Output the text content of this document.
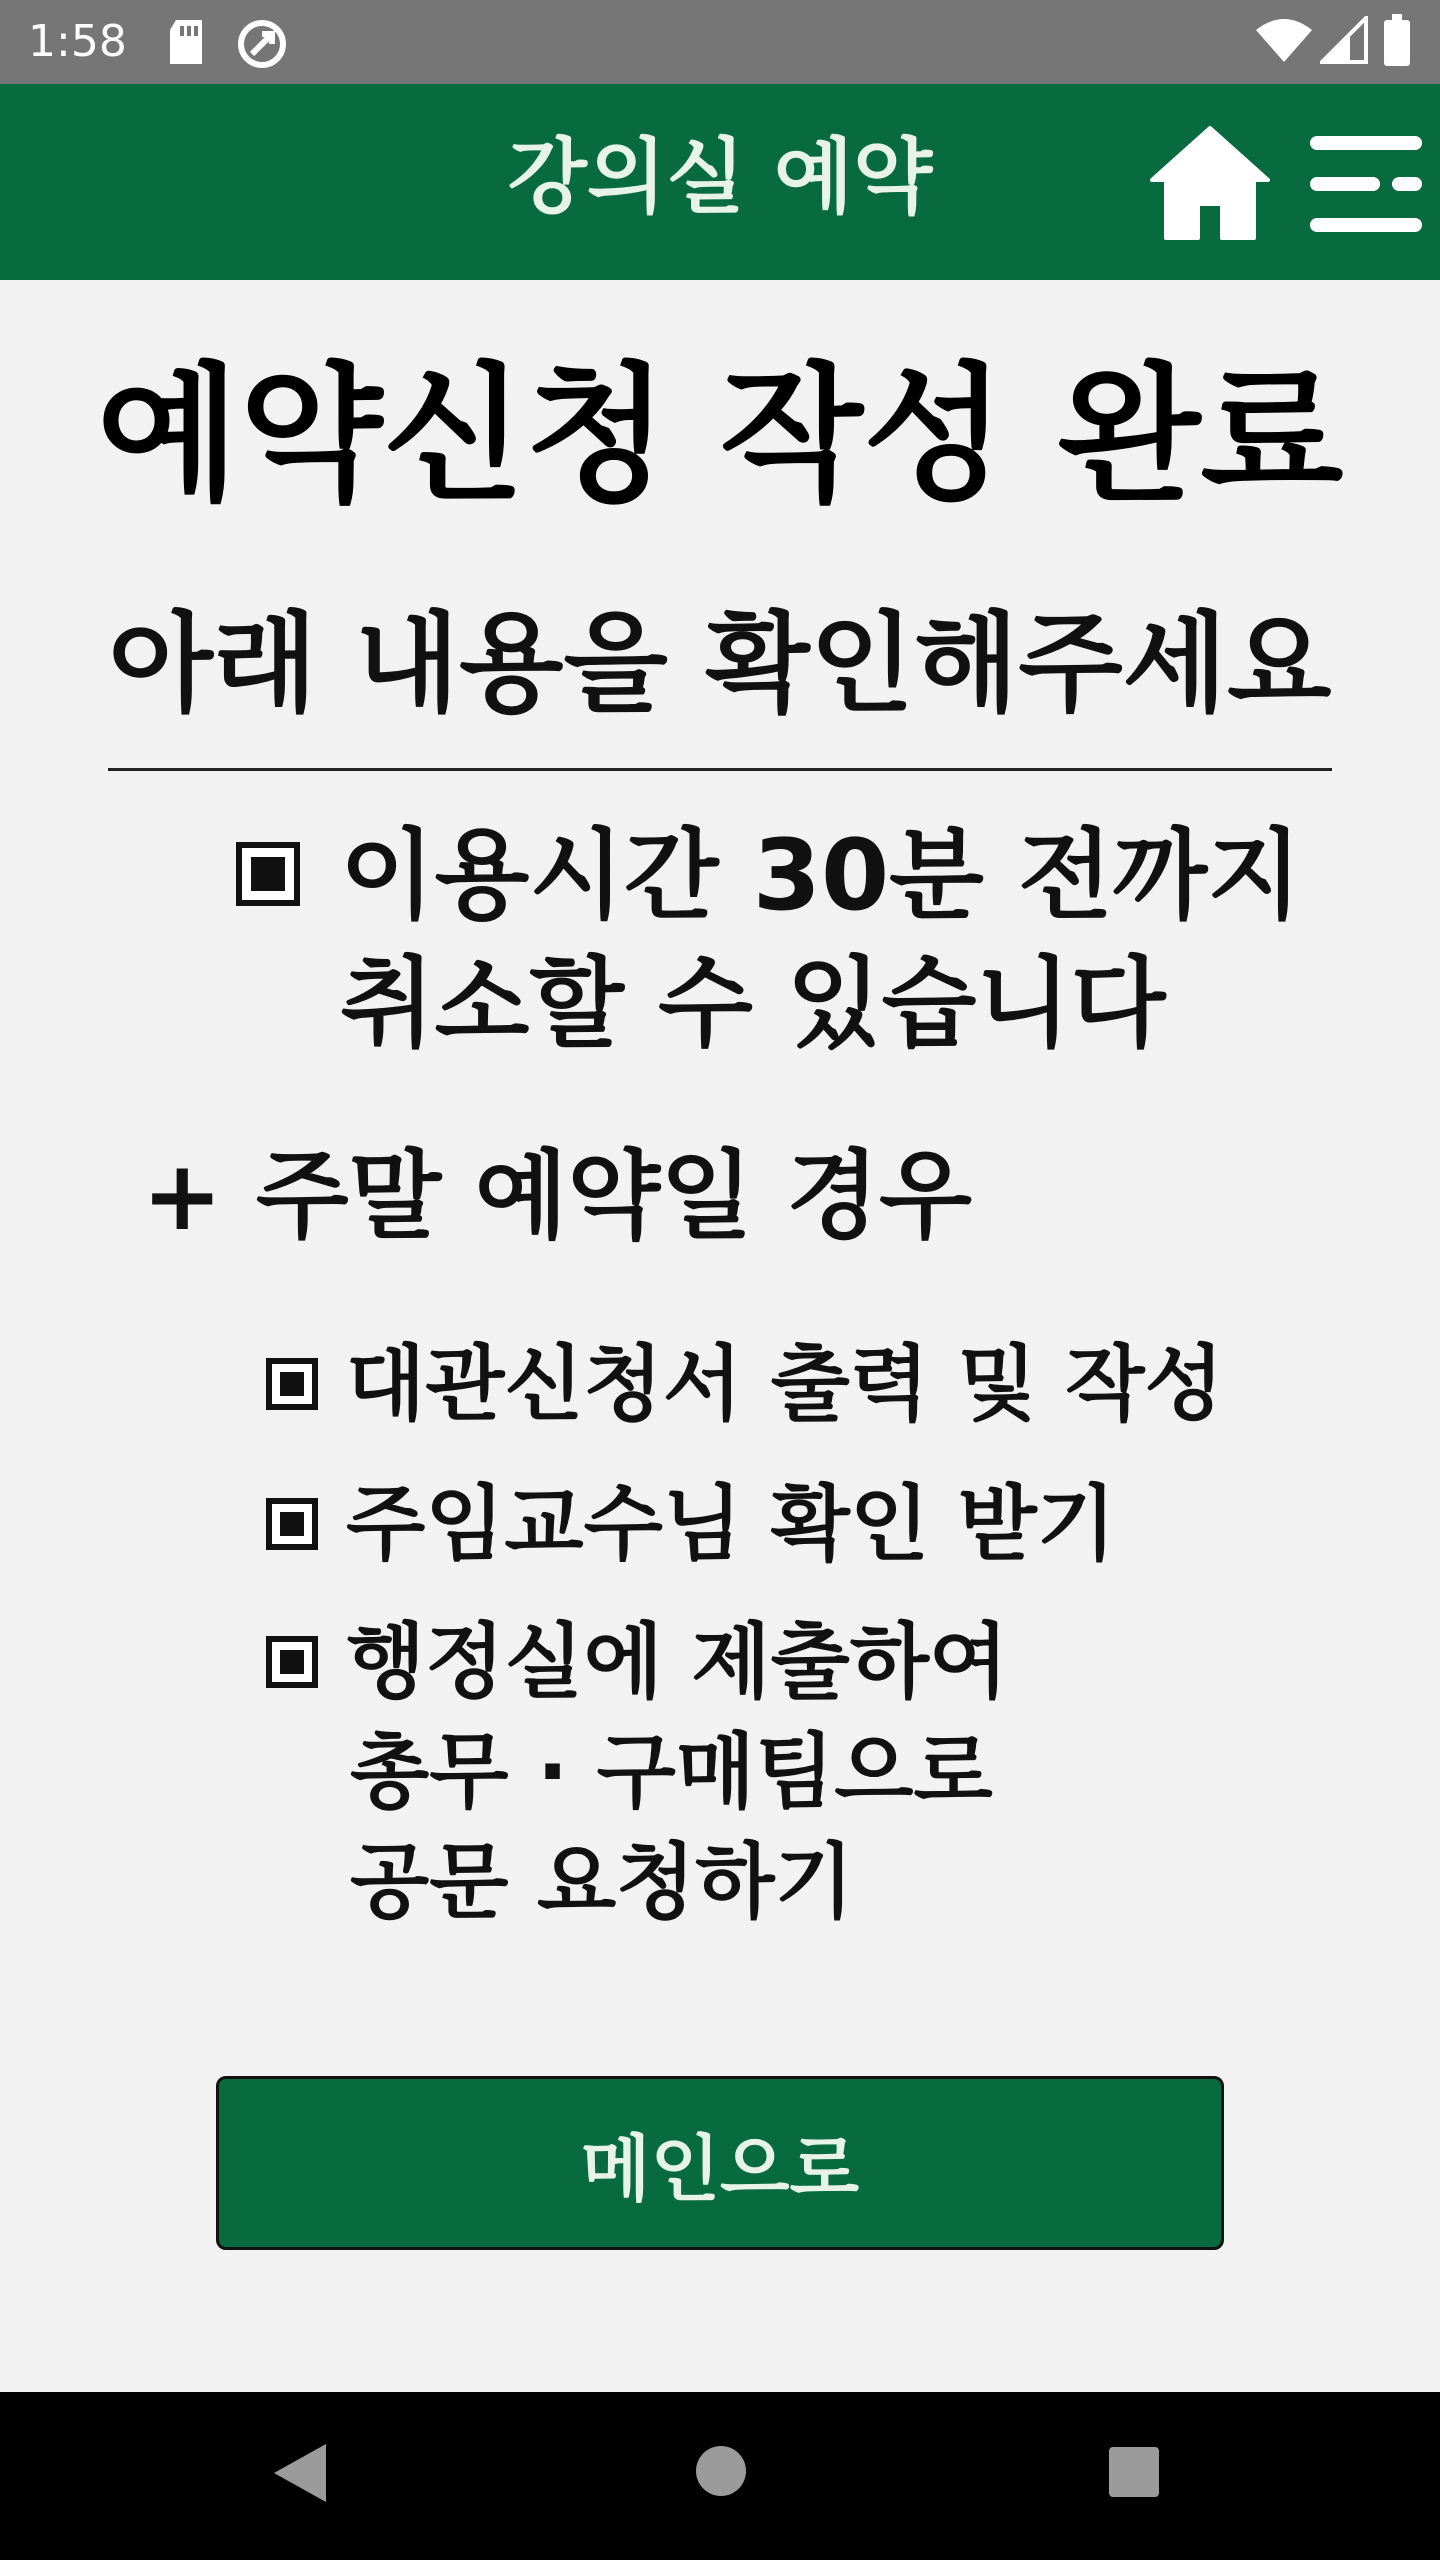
1:58
강의실 예약
예약신청 작성 완료
아래 내용을 확인해주세요
이용시간 30분 전까지
취소할 수 있습니다
+ 주말 예약일 경우
대관신청서 출력 및 작성
주임교수님 확인 받기
행정실에 제출하여
총무 · 구매팀으로
공문 요청하기
메인으로
